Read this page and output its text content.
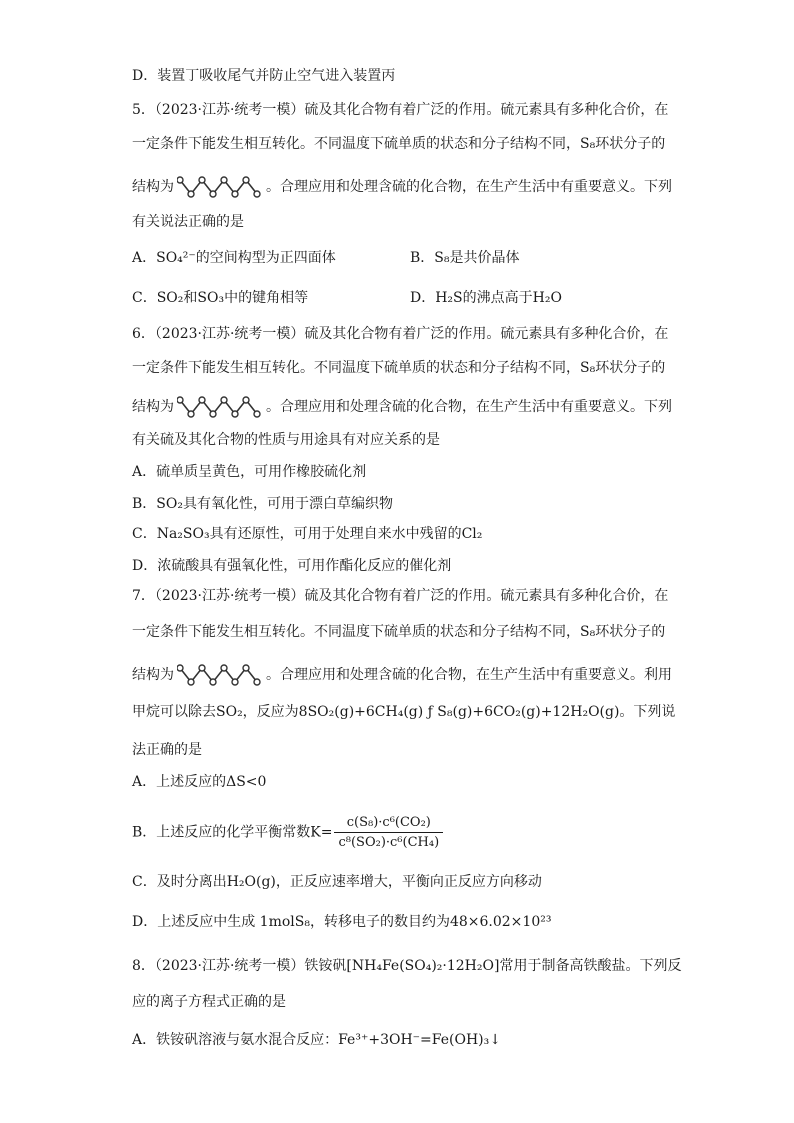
D．装置丁吸收尾气并防止空气进入装置丙
5．（2023·江苏·统考一模）硫及其化合物有着广泛的作用。硫元素具有多种化合价，在
一定条件下能发生相互转化。不同温度下硫单质的状态和分子结构不同，S₈环状分子的
结构为	。合理应用和处理含硫的化合物，在生产生活中有重要意义。下列
有关说法正确的是
A．SO₄²⁻的空间构型为正四面体	B．S₈是共价晶体
C．SO₂和SO₃中的键角相等	D．H₂S的沸点高于H₂O
6．（2023·江苏·统考一模）硫及其化合物有着广泛的作用。硫元素具有多种化合价，在
一定条件下能发生相互转化。不同温度下硫单质的状态和分子结构不同，S₈环状分子的
结构为	。合理应用和处理含硫的化合物，在生产生活中有重要意义。下列
有关硫及其化合物的性质与用途具有对应关系的是
A．硫单质呈黄色，可用作橡胶硫化剂
B．SO₂具有氧化性，可用于漂白草编织物
C．Na₂SO₃具有还原性，可用于处理自来水中残留的Cl₂
D．浓硫酸具有强氧化性，可用作酯化反应的催化剂
7．（2023·江苏·统考一模）硫及其化合物有着广泛的作用。硫元素具有多种化合价，在
一定条件下能发生相互转化。不同温度下硫单质的状态和分子结构不同，S₈环状分子的
结构为	。合理应用和处理含硫的化合物，在生产生活中有重要意义。利用
甲烷可以除去SO₂，反应为8SO₂(g)+6CH₄(g) ƒ S₈(g)+6CO₂(g)+12H₂O(g)。下列说
法正确的是
A．上述反应的ΔS<0
B．上述反应的化学平衡常数$K= \frac{\text{c(S₈)·c⁶(CO₂)}}{\text{c⁸(SO₂)·c⁶(CH₄)}}$
C．及时分离出H₂O(g)，正反应速率增大，平衡向正反应方向移动
D．上述反应中生成 1molS₈，转移电子的数目约为48×6.02×10²³
8．（2023·江苏·统考一模）铁铵矾[NH₄Fe(SO₄)₂·12H₂O]常用于制备高铁酸盐。下列反
应的离子方程式正确的是
A．铁铵矾溶液与氨水混合反应：Fe³⁺+3OH⁻=Fe(OH)₃↓
